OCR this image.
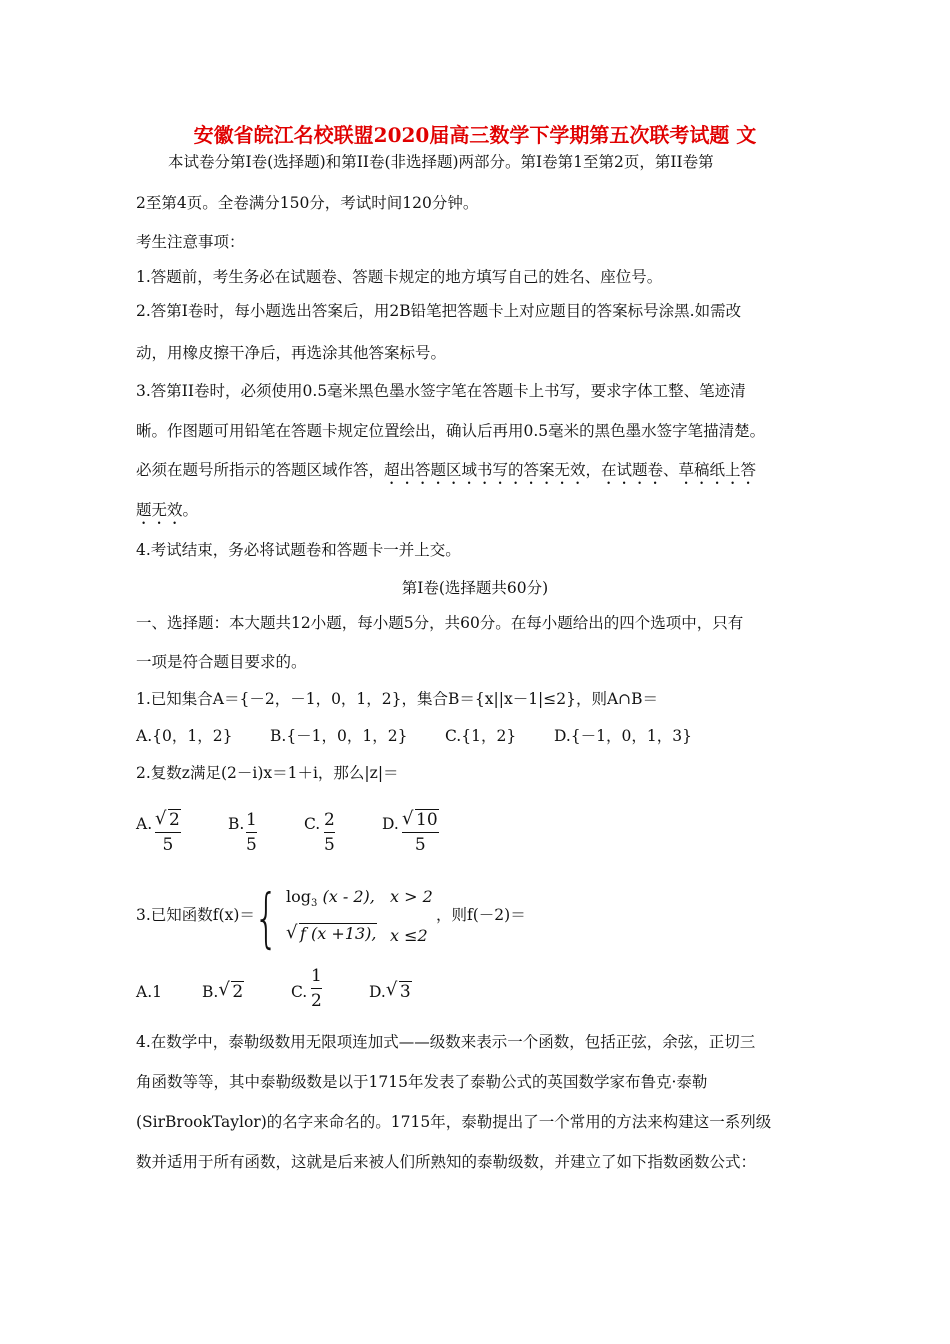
安徽省皖江名校联盟2020届高三数学下学期第五次联考试题 文
本试卷分第Ⅰ卷(选择题)和第II卷(非选择题)两部分。第Ⅰ卷第1至第2页，第II卷第
2至第4页。全卷满分150分，考试时间120分钟。
考生注意事项：
1.答题前，考生务必在试题卷、答题卡规定的地方填写自己的姓名、座位号。
2.答第Ⅰ卷时，每小题选出答案后，用2B铅笔把答题卡上对应题目的答案标号涂黑.如需改
动，用橡皮擦干净后，再选涂其他答案标号。
3.答第II卷时，必须使用0.5毫米黑色墨水签字笔在答题卡上书写，要求字体工整、笔迹清
晰。作图题可用铅笔在答题卡规定位置绘出，确认后再用0.5毫米的黑色墨水签字笔描清楚。
必须在题号所指示的答题区域作答，超出答题区域书写的答案无效，在试题卷、草稿纸上答
题无效。
4.考试结束，务必将试题卷和答题卡一并上交。
第Ⅰ卷(选择题共60分)
一、选择题：本大题共12小题，每小题5分，共60分。在每小题给出的四个选项中，只有
一项是符合题目要求的。
1.已知集合A＝{－2，－1，0，1，2}，集合B＝{x||x－1|≤2}，则A∩B＝
A.{0，1，2} B.{－1，0，1，2} C.{1，2} D.{－1，0，1，3}
2.复数z满足(2－i)x＝1＋i，那么|z|＝
A. √ 2
5
B. 1
5
C. 2
5
D. √ 10
5
3.已知函数f(x)＝ { $\log_3 (x - 2)$, x > 2
√ f (x +13), x ≤2
，则f(－2)＝
A.1	B. √ 2	C.
1
2	D. √ 3
4.在数学中，泰勒级数用无限项连加式——级数来表示一个函数，包括正弦，余弦，正切三
角函数等等，其中泰勒级数是以于1715年发表了泰勒公式的英国数学家布鲁克·泰勒
(SirBrookTaylor)的名字来命名的。1715年，泰勒提出了一个常用的方法来构建这一系列级
数并适用于所有函数，这就是后来被人们所熟知的泰勒级数，并建立了如下指数函数公式：
